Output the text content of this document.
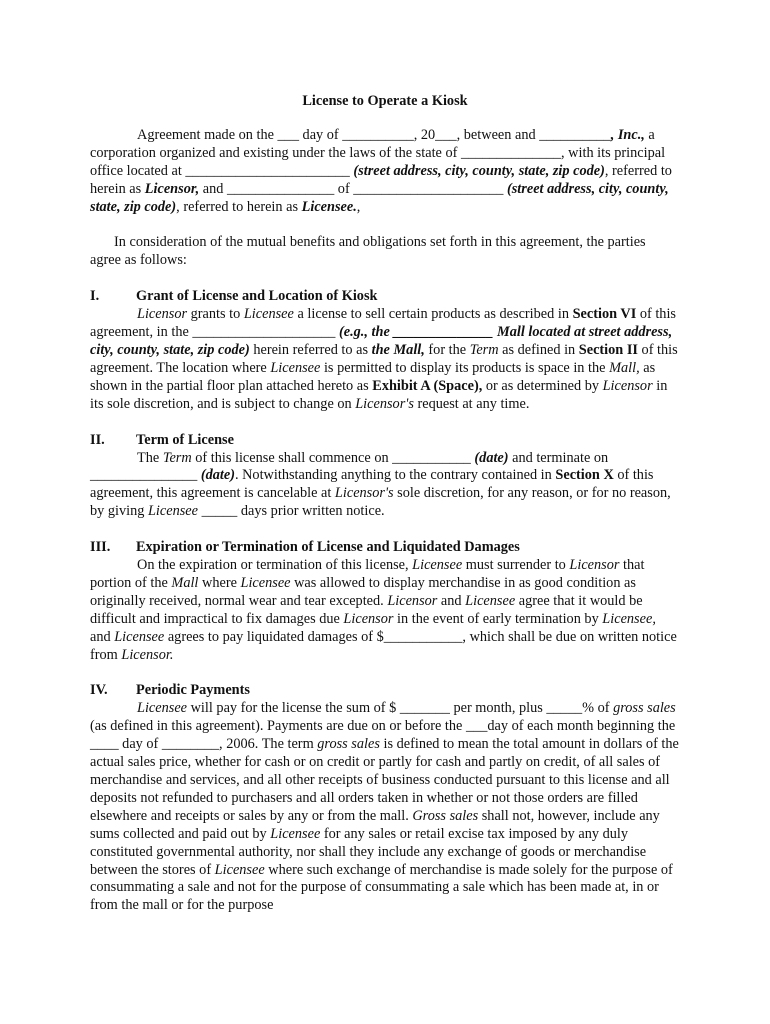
License to Operate a Kiosk

Agreement made on the ___ day of __________, 20___, between and __________, Inc., a corporation organized and existing under the laws of the state of ______________, with its principal office located at _______________________ (street address, city, county, state, zip code), referred to herein as Licensor, and _______________ of _____________________ (street address, city, county, state, zip code), referred to herein as Licensee.,

In consideration of the mutual benefits and obligations set forth in this agreement, the parties agree as follows:

I.	Grant of License and Location of Kiosk

Licensor grants to Licensee a license to sell certain products as described in Section VI of this agreement, in the ____________________ (e.g., the ______________ Mall located at street address, city, county, state, zip code) herein referred to as the Mall, for the Term as defined in Section II of this agreement. The location where Licensee is permitted to display its products is space in the Mall, as shown in the partial floor plan attached hereto as Exhibit A (Space), or as determined by Licensor in its sole discretion, and is subject to change on Licensor's request at any time.

II.	Term of License

The Term of this license shall commence on ___________ (date) and terminate on _______________ (date). Notwithstanding anything to the contrary contained in Section X of this agreement, this agreement is cancelable at Licensor's sole discretion, for any reason, or for no reason, by giving Licensee _____ days prior written notice.

III.	Expiration or Termination of License and Liquidated Damages

On the expiration or termination of this license, Licensee must surrender to Licensor that portion of the Mall where Licensee was allowed to display merchandise in as good condition as originally received, normal wear and tear excepted. Licensor and Licensee agree that it would be difficult and impractical to fix damages due Licensor in the event of early termination by Licensee, and Licensee agrees to pay liquidated damages of $___________, which shall be due on written notice from Licensor.

IV.	Periodic Payments

Licensee will pay for the license the sum of $ _______ per month, plus _____% of gross sales (as defined in this agreement). Payments are due on or before the ___day of each month beginning the ____ day of ________, 2006. The term gross sales is defined to mean the total amount in dollars of the actual sales price, whether for cash or on credit or partly for cash and partly on credit, of all sales of merchandise and services, and all other receipts of business conducted pursuant to this license and all deposits not refunded to purchasers and all orders taken in whether or not those orders are filled elsewhere and receipts or sales by any or from the mall. Gross sales shall not, however, include any sums collected and paid out by Licensee for any sales or retail excise tax imposed by any duly constituted governmental authority, nor shall they include any exchange of goods or merchandise between the stores of Licensee where such exchange of merchandise is made solely for the purpose of consummating a sale and not for the purpose of consummating a sale which has been made at, in or from the mall or for the purpose
